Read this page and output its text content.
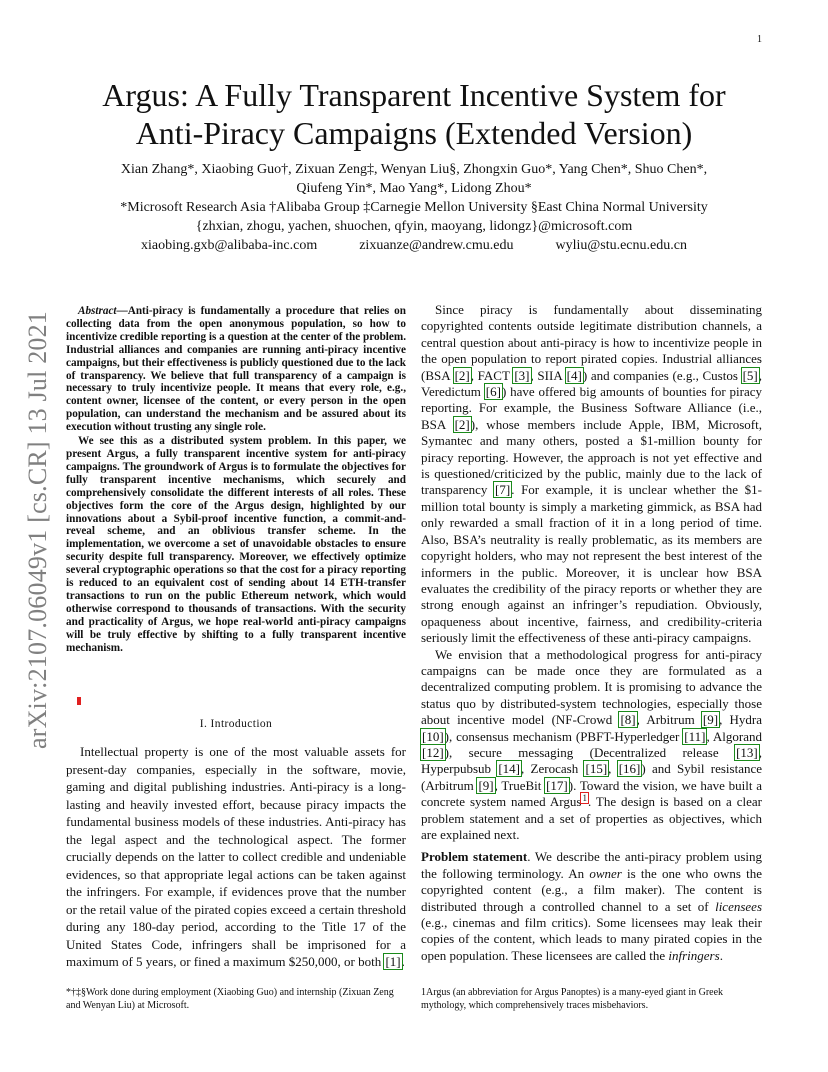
1
arXiv:2107.06049v1 [cs.CR] 13 Jul 2021
Argus: A Fully Transparent Incentive System for
Anti-Piracy Campaigns (Extended Version)
Xian Zhang*, Xiaobing Guo†, Zixuan Zeng‡, Wenyan Liu§, Zhongxin Guo*, Yang Chen*, Shuo Chen*,
Qiufeng Yin*, Mao Yang*, Lidong Zhou*
*Microsoft Research Asia †Alibaba Group ‡Carnegie Mellon University §East China Normal University
{zhxian, zhogu, yachen, shuochen, qfyin, maoyang, lidongz}@microsoft.com
xiaobing.gxb@alibaba-inc.com	zixuanze@andrew.cmu.edu	wyliu@stu.ecnu.edu.cn

Abstract—Anti-piracy is fundamentally a procedure that relies on collecting data from the open anonymous population, so how to incentivize credible reporting is a question at the center of the problem. Industrial alliances and companies are running anti-piracy incentive campaigns, but their effectiveness is publicly questioned due to the lack of transparency. We believe that full transparency of a campaign is necessary to truly incentivize people. It means that every role, e.g., content owner, licensee of the content, or every person in the open population, can understand the mechanism and be assured about its execution without trusting any single role.

We see this as a distributed system problem. In this paper, we present Argus, a fully transparent incentive system for anti-piracy campaigns. The groundwork of Argus is to formulate the objectives for fully transparent incentive mechanisms, which securely and comprehensively consolidate the different interests of all roles. These objectives form the core of the Argus design, highlighted by our innovations about a Sybil-proof incentive function, a commit-and-reveal scheme, and an oblivious transfer scheme. In the implementation, we overcome a set of unavoidable obstacles to ensure security despite full transparency. Moreover, we effectively optimize several cryptographic operations so that the cost for a piracy reporting is reduced to an equivalent cost of sending about 14 ETH-transfer transactions to run on the public Ethereum network, which would otherwise correspond to thousands of transactions. With the security and practicality of Argus, we hope real-world anti-piracy campaigns will be truly effective by shifting to a fully transparent incentive mechanism.

I. Introduction

Intellectual property is one of the most valuable assets for present-day companies, especially in the software, movie, gaming and digital publishing industries. Anti-piracy is a long-lasting and heavily invested effort, because piracy impacts the fundamental business models of these industries. Anti-piracy has the legal aspect and the technological aspect. The former crucially depends on the latter to collect credible and undeniable evidences, so that appropriate legal actions can be taken against the infringers. For example, if evidences prove that the number or the retail value of the pirated copies exceed a certain threshold during any 180-day period, according to the Title 17 of the United States Code, infringers shall be imprisoned for a maximum of 5 years, or fined a maximum $250,000, or both [1].

Since piracy is fundamentally about disseminating copyrighted contents outside legitimate distribution channels, a central question about anti-piracy is how to incentivize people in the open population to report pirated copies. Industrial alliances (BSA [2], FACT [3], SIIA [4]) and companies (e.g., Custos [5], Veredictum [6]) have offered big amounts of bounties for piracy reporting. For example, the Business Software Alliance (i.e., BSA [2]), whose members include Apple, IBM, Microsoft, Symantec and many others, posted a $1-million bounty for piracy reporting. However, the approach is not yet effective and is questioned/criticized by the public, mainly due to the lack of transparency [7]. For example, it is unclear whether the $1-million total bounty is simply a marketing gimmick, as BSA had only rewarded a small fraction of it in a long period of time. Also, BSA’s neutrality is really problematic, as its members are copyright holders, who may not represent the best interest of the informers in the public. Moreover, it is unclear how BSA evaluates the credibility of the piracy reports or whether they are strong enough against an infringer’s repudiation. Obviously, opaqueness about incentive, fairness, and credibility-criteria seriously limit the effectiveness of these anti-piracy campaigns.

We envision that a methodological progress for anti-piracy campaigns can be made once they are formulated as a decentralized computing problem. It is promising to advance the status quo by distributed-system technologies, especially those about incentive model (NF-Crowd [8], Arbitrum [9], Hydra [10]), consensus mechanism (PBFT-Hyperledger [11], Algorand [12]), secure messaging (Decentralized release [13], Hyperpubsub [14], Zerocash [15], [16]) and Sybil resistance (Arbitrum [9], TrueBit [17]). Toward the vision, we have built a concrete system named Argus$^1$. The design is based on a clear problem statement and a set of properties as objectives, which are explained next.

Problem statement. We describe the anti-piracy problem using the following terminology. An owner is the one who owns the copyrighted content (e.g., a film maker). The content is distributed through a controlled channel to a set of licensees (e.g., cinemas and film critics). Some licensees may leak their copies of the content, which leads to many pirated copies in the open population. These licensees are called the infringers.

*†‡§Work done during employment (Xiaobing Guo) and internship (Zixuan Zeng and Wenyan Liu) at Microsoft.
1Argus (an abbreviation for Argus Panoptes) is a many-eyed giant in Greek mythology, which comprehensively traces misbehaviors.
